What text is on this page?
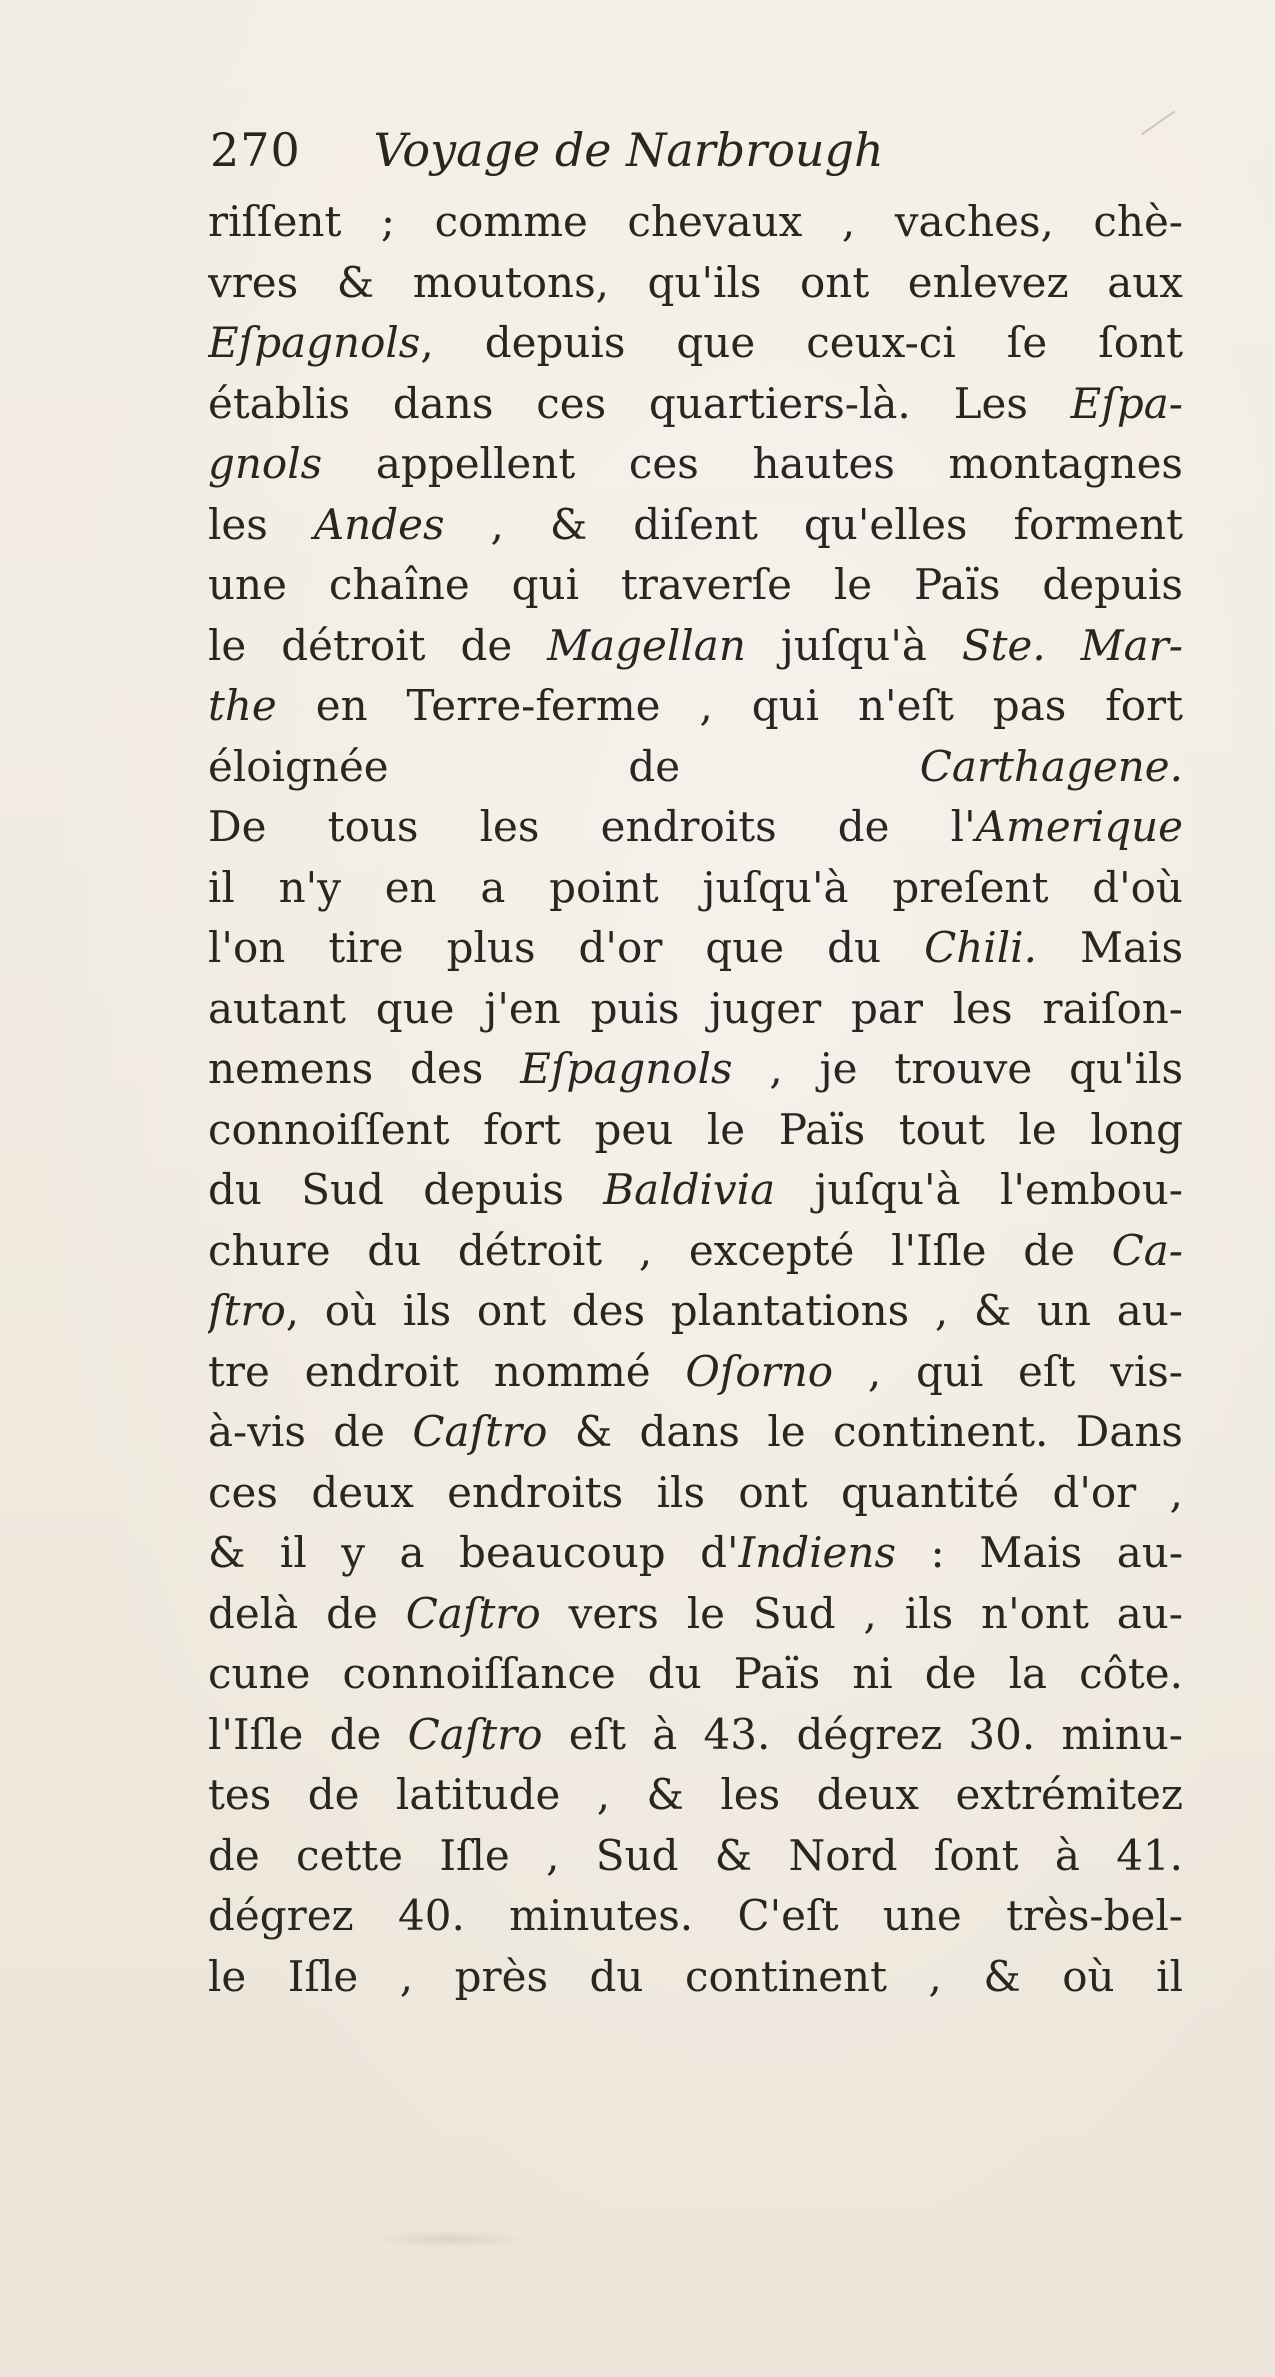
270 Voyage de Narbrough
riſſent ; comme chevaux , vaches, chè-
vres & moutons, qu'ils ont enlevez aux
Eſpagnols, depuis que ceux-ci ſe ſont
établis dans ces quartiers-là. Les Eſpa-
gnols appellent ces hautes montagnes
les Andes , & diſent qu'elles forment
une chaîne qui traverſe le Païs depuis
le détroit de Magellan juſqu'à Ste. Mar-
the en Terre-ferme , qui n'eſt pas fort
éloignée de Carthagene.
De tous les endroits de l'Amerique
il n'y en a point juſqu'à preſent d'où
l'on tire plus d'or que du Chili. Mais
autant que j'en puis juger par les raiſon-
nemens des Eſpagnols , je trouve qu'ils
connoiſſent fort peu le Païs tout le long
du Sud depuis Baldivia juſqu'à l'embou-
chure du détroit , excepté l'Iſle de Ca-
ſtro, où ils ont des plantations , & un au-
tre endroit nommé Oſorno , qui eſt vis-
à-vis de Caſtro & dans le continent. Dans
ces deux endroits ils ont quantité d'or ,
& il y a beaucoup d'Indiens : Mais au-
delà de Caſtro vers le Sud , ils n'ont au-
cune connoiſſance du Païs ni de la côte.
l'Iſle de Caſtro eſt à 43. dégrez 30. minu-
tes de latitude , & les deux extrémitez
de cette Iſle , Sud & Nord ſont à 41.
dégrez 40. minutes. C'eſt une très-bel-
le Iſle , près du continent , & où il
